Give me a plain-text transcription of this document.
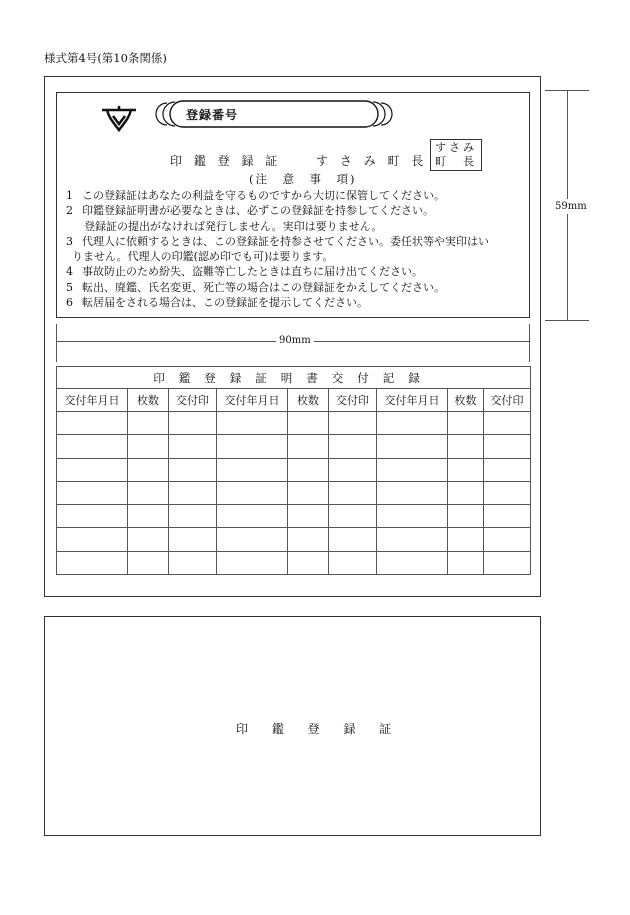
様式第4号(第10条関係)
登録番号
印 鑑 登 録 証	す さ み 町 長
すさみ
町　長
(注　意　事　項)
1 この登録証はあなたの利益を守るものですから大切に保管してください。
2 印鑑登録証明書が必要なときは、必ずこの登録証を持参してください。
登録証の提出がなければ発行しません。実印は要りません。
3 代理人に依頼するときは、この登録証を持参させてください。委任状等や実印はい
りません。代理人の印鑑(認め印でも可)は要ります。
4 事故防止のため紛失、盗難等亡したときは直ちに届け出てください。
5 転出、廃鑑、氏名変更、死亡等の場合はこの登録証をかえしてください。
6 転居届をされる場合は、この登録証を提示してください。
59mm
90mm
印鑑登録証明書交付記録								
交付年月日	枚数	交付印	交付年月日	枚数	交付印	交付年月日	枚数	交付印

印 鑑 登 録 証
